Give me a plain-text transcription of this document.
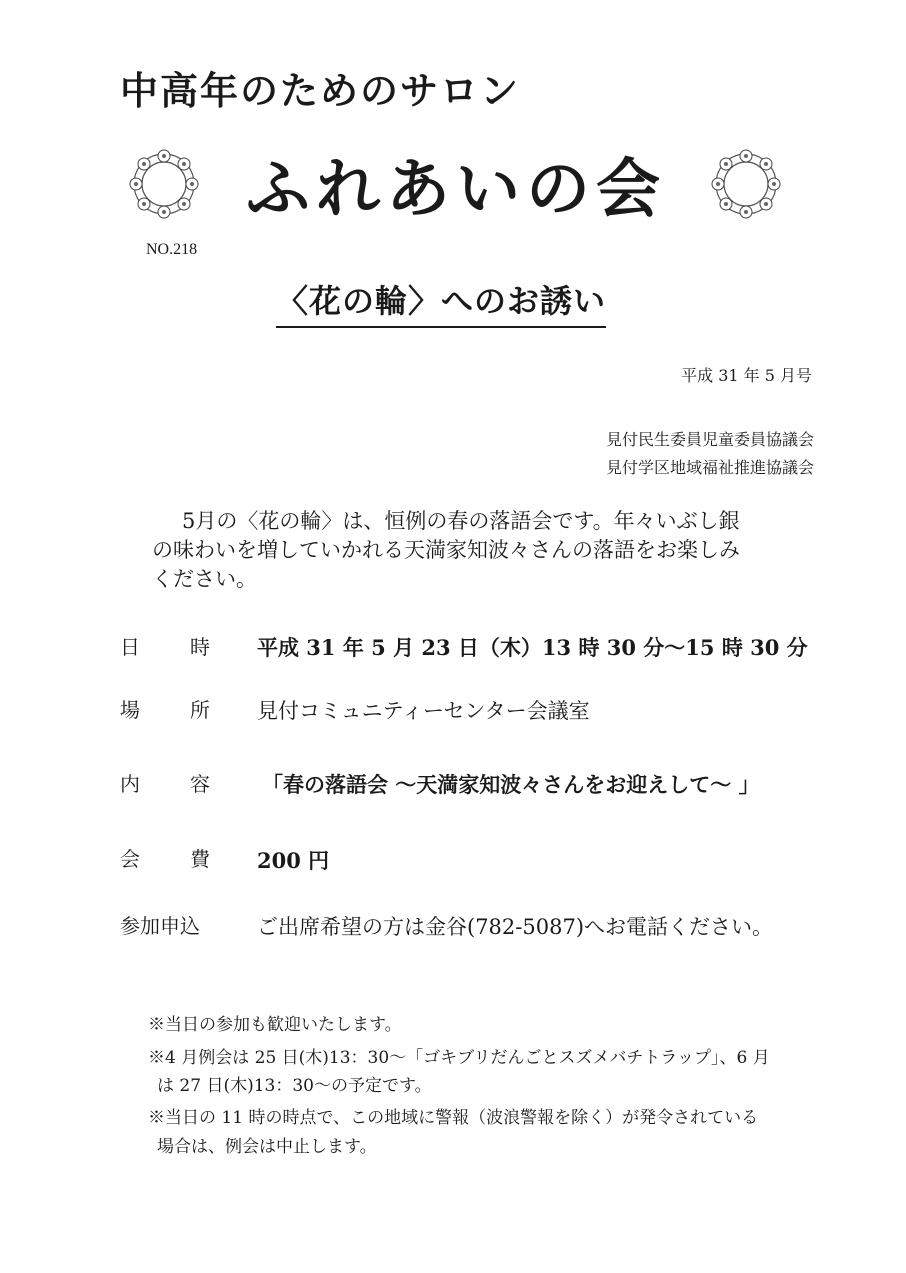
中高年のためのサロン
ふれあいの会
NO.218
〈花の輪〉へのお誘い
平成 31 年 5 月号
見付民生委員児童委員協議会
見付学区地域福祉推進協議会

5月の〈花の輪〉は、恒例の春の落語会です。年々いぶし銀

の味わいを増していかれる天満家知波々さんの落語をお楽しみ

ください。

日	時 平成 31 年 5 月 23 日（木）13 時 30 分〜15 時 30 分
場	所 見付コミュニティーセンター会議室
内	容 「春の落語会 〜天満家知波々さんをお迎えして〜 」
会	費 200 円
参加申込	ご出席希望の方は金谷(782-5087)へお電話ください。
※当日の参加も歓迎いたします。
※4 月例会は 25 日(木)13：30〜「ゴキブリだんごとスズメバチトラップ」、6 月
は 27 日(木)13：30〜の予定です。
※当日の 11 時の時点で、この地域に警報（波浪警報を除く）が発令されている
場合は、例会は中止します。
